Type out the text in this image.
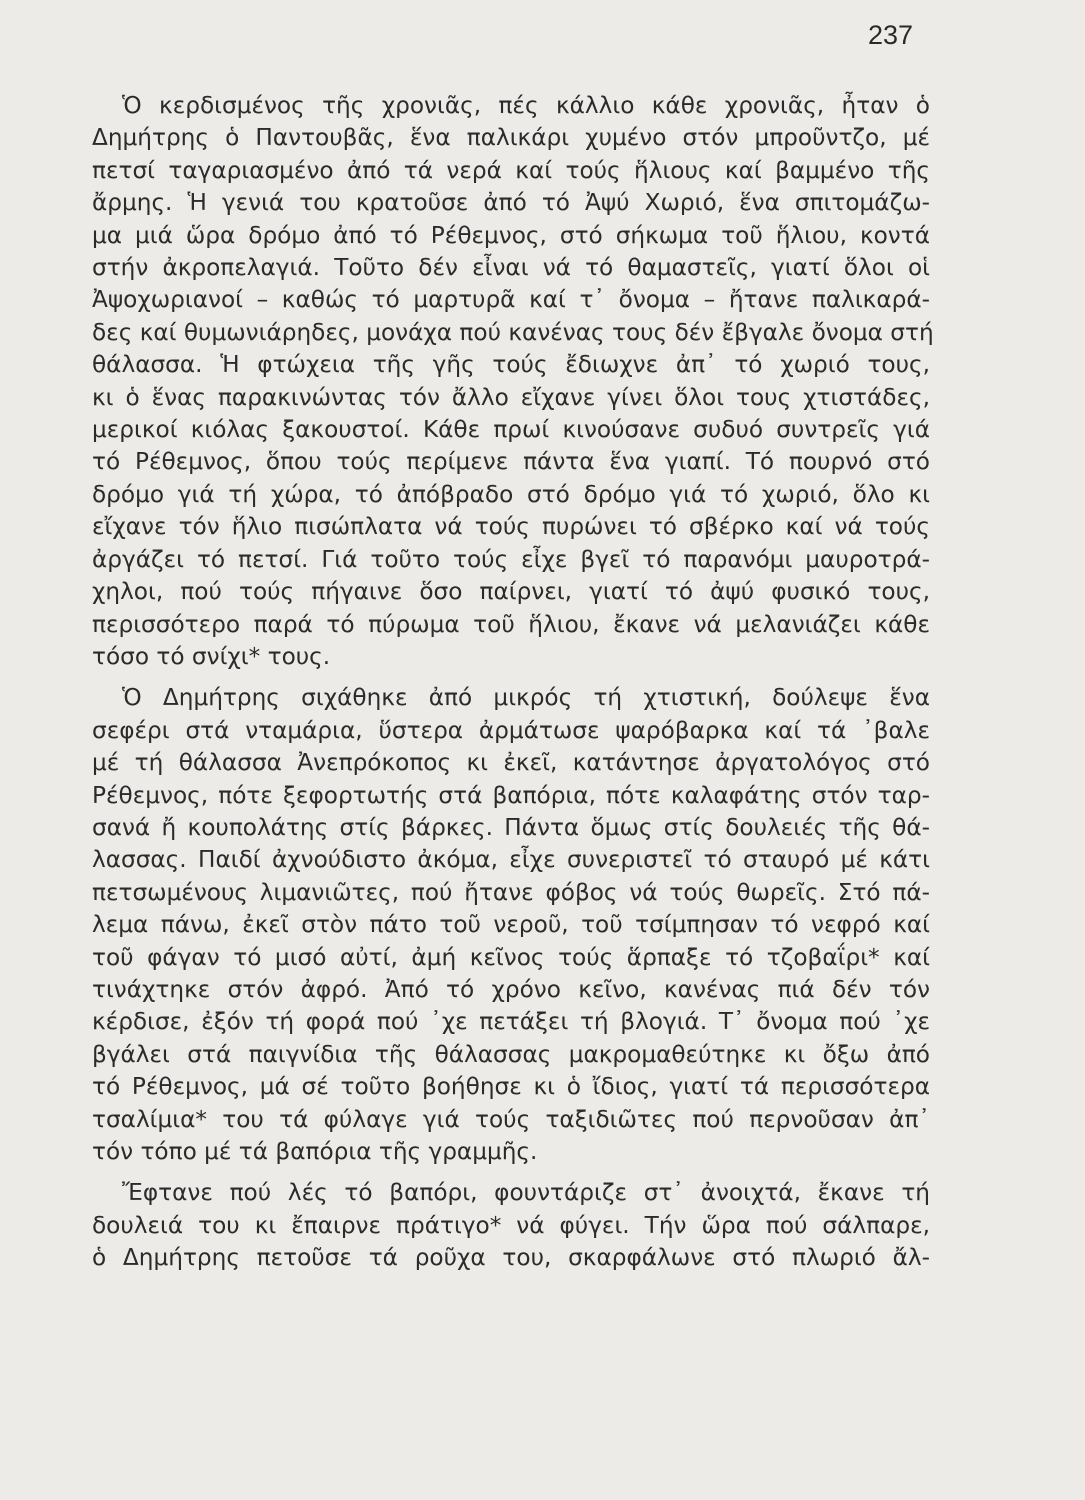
237
Ὁ κερδισμένος τῆς χρονιᾶς, πές κάλλιο κάθε χρονιᾶς, ἦταν ὁ
Δημήτρης ὁ Παντουβᾶς, ἕνα παλικάρι χυμένο στόν μπροῦντζο, μέ
πετσί ταγαριασμένο ἀπό τά νερά καί τούς ἥλιους καί βαμμένο τῆς
ἄρμης. Ἡ γενιά του κρατοῦσε ἀπό τό Ἀψύ Χωριό, ἕνα σπιτομάζω-
μα μιά ὥρα δρόμο ἀπό τό Ρέθεμνος, στό σήκωμα τοῦ ἥλιου, κοντά
στήν ἀκροπελαγιά. Τοῦτο δέν εἶναι νά τό θαμαστεῖς, γιατί ὅλοι οἱ
Ἀψοχωριανοί – καθώς τό μαρτυρᾶ καί τ᾽ ὄνομα – ἤτανε παλικαρά-
δες καί θυμωνιάρηδες, μονάχα πού κανένας τους δέν ἔβγαλε ὄνομα στή
θάλασσα. Ἡ φτώχεια τῆς γῆς τούς ἔδιωχνε ἀπ᾽ τό χωριό τους,
κι ὁ ἕνας παρακινώντας τόν ἄλλο εἴχανε γίνει ὅλοι τους χτιστάδες,
μερικοί κιόλας ξακουστοί. Κάθε πρωί κινούσανε συδυό συντρεῖς γιά
τό Ρέθεμνος, ὅπου τούς περίμενε πάντα ἕνα γιαπί. Τό πουρνό στό
δρόμο γιά τή χώρα, τό ἀπόβραδο στό δρόμο γιά τό χωριό, ὅλο κι
εἴχανε τόν ἥλιο πισώπλατα νά τούς πυρώνει τό σβέρκο καί νά τούς
ἀργάζει τό πετσί. Γιά τοῦτο τούς εἶχε βγεῖ τό παρανόμι μαυροτρά-
χηλοι, πού τούς πήγαινε ὅσο παίρνει, γιατί τό ἀψύ φυσικό τους,
περισσότερο παρά τό πύρωμα τοῦ ἥλιου, ἔκανε νά μελανιάζει κάθε
τόσο τό σνίχι* τους.
Ὁ Δημήτρης σιχάθηκε ἀπό μικρός τή χτιστική, δούλεψε ἕνα
σεφέρι στά νταμάρια, ὕστερα ἀρμάτωσε ψαρόβαρκα καί τά ᾽βαλε
μέ τή θάλασσα Ἀνεπρόκοπος κι ἐκεῖ, κατάντησε ἀργατολόγος στό
Ρέθεμνος, πότε ξεφορτωτής στά βαπόρια, πότε καλαφάτης στόν ταρ-
σανά ἤ κουπολάτης στίς βάρκες. Πάντα ὅμως στίς δουλειές τῆς θά-
λασσας. Παιδί ἀχνούδιστο ἀκόμα, εἶχε συνεριστεῖ τό σταυρό μέ κάτι
πετσωμένους λιμανιῶτες, πού ἤτανε φόβος νά τούς θωρεῖς. Στό πά-
λεμα πάνω, ἐκεῖ στὸν πάτο τοῦ νεροῦ, τοῦ τσίμπησαν τό νεφρό καί
τοῦ φάγαν τό μισό αὐτί, ἀμή κεῖνος τούς ἅρπαξε τό τζοβαΐρι* καί
τινάχτηκε στόν ἀφρό. Ἀπό τό χρόνο κεῖνο, κανένας πιά δέν τόν
κέρδισε, ἐξόν τή φορά πού ᾽χε πετάξει τή βλογιά. Τ᾽ ὄνομα πού ᾽χε
βγάλει στά παιγνίδια τῆς θάλασσας μακρομαθεύτηκε κι ὄξω ἀπό
τό Ρέθεμνος, μά σέ τοῦτο βοήθησε κι ὁ ἴδιος, γιατί τά περισσότερα
τσαλίμια* του τά φύλαγε γιά τούς ταξιδιῶτες πού περνοῦσαν ἀπ᾽
τόν τόπο μέ τά βαπόρια τῆς γραμμῆς.
Ἔφτανε πού λές τό βαπόρι, φουντάριζε στ᾽ ἀνοιχτά, ἔκανε τή
δουλειά του κι ἔπαιρνε πράτιγο* νά φύγει. Τήν ὥρα πού σάλπαρε,
ὁ Δημήτρης πετοῦσε τά ροῦχα του, σκαρφάλωνε στό πλωριό ἄλ-
